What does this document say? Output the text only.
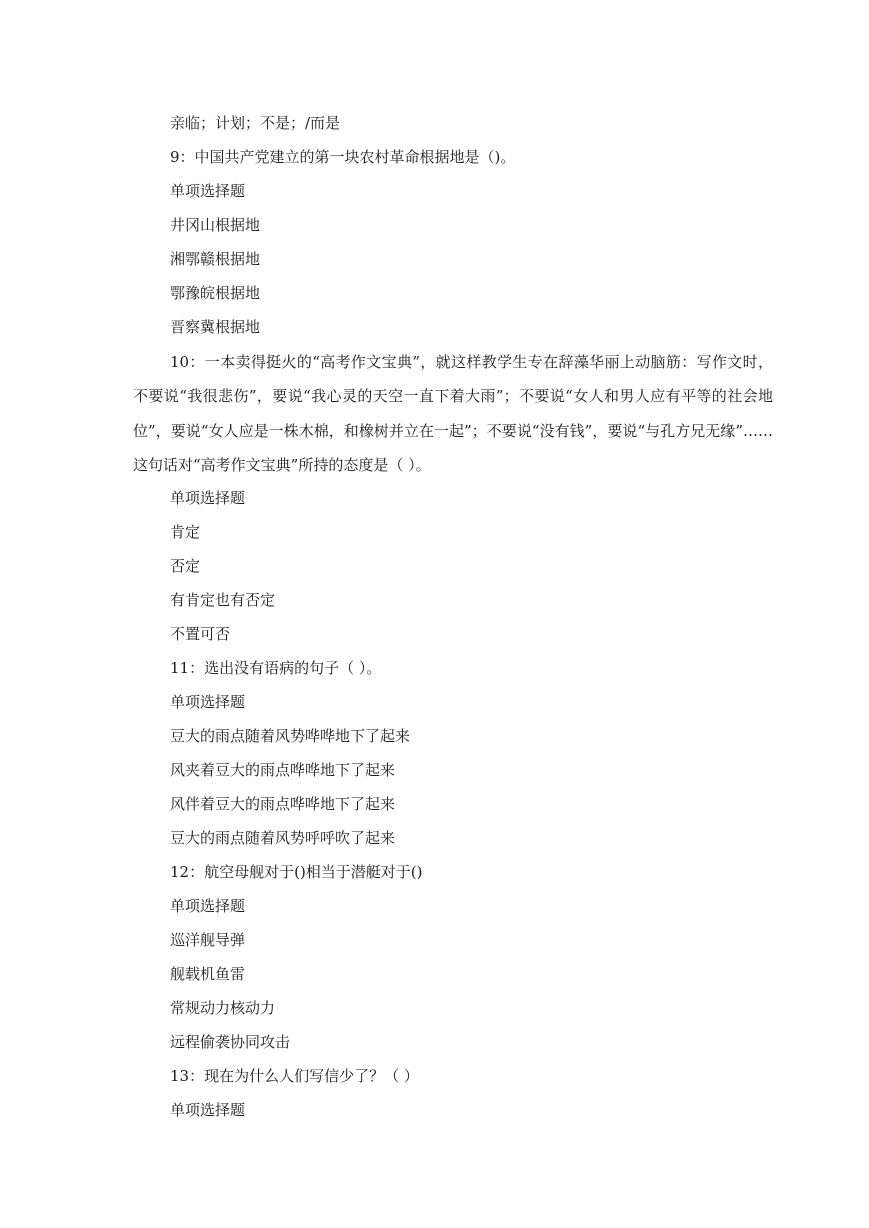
亲临；计划；不是；/而是
9：中国共产党建立的第一块农村革命根据地是（)。
单项选择题
井冈山根据地
湘鄂赣根据地
鄂豫皖根据地
晋察冀根据地
10：一本卖得挺火的“高考作文宝典”，就这样教学生专在辞藻华丽上动脑筋：写作文时，不要说“我很悲伤”，要说“我心灵的天空一直下着大雨”；不要说“女人和男人应有平等的社会地位”，要说“女人应是一株木棉，和橡树并立在一起”；不要说“没有钱”，要说“与孔方兄无缘”……这句话对“高考作文宝典”所持的态度是（ ）。
单项选择题
肯定
否定
有肯定也有否定
不置可否
11：选出没有语病的句子（ ）。
单项选择题
豆大的雨点随着风势哗哗地下了起来
风夹着豆大的雨点哗哗地下了起来
风伴着豆大的雨点哗哗地下了起来
豆大的雨点随着风势呼呼吹了起来
12：航空母舰对于()相当于潜艇对于()
单项选择题
巡洋舰导弹
舰载机鱼雷
常规动力核动力
远程偷袭协同攻击
13：现在为什么人们写信少了？（ ）
单项选择题
